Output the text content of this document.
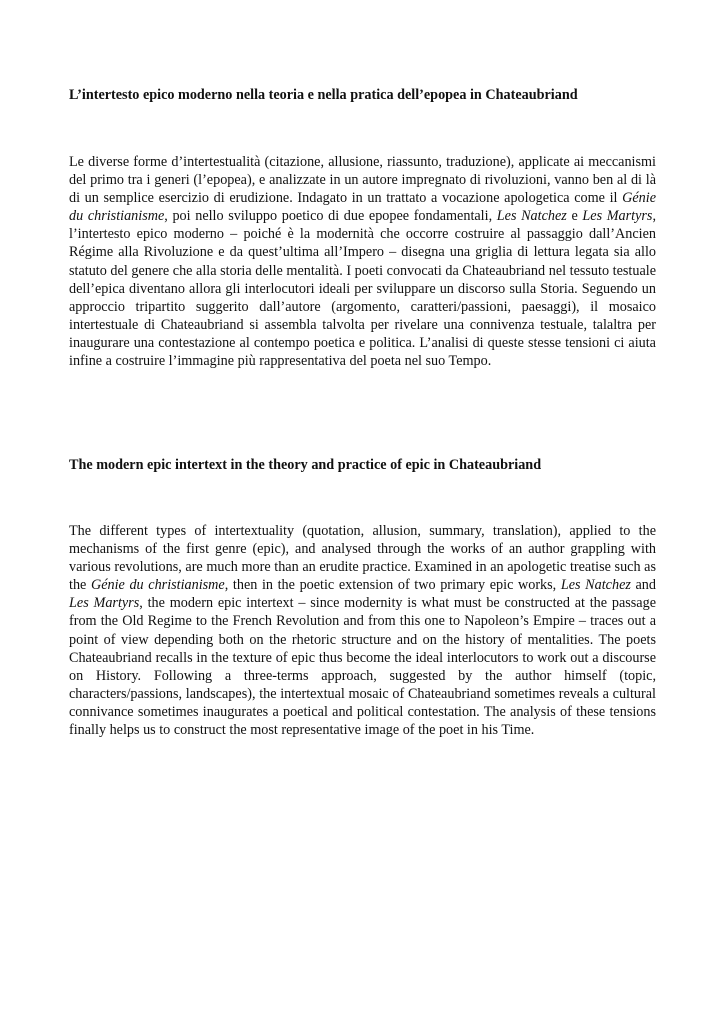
L’intertesto epico moderno nella teoria e nella pratica dell’epopea in Chateaubriand

Le diverse forme d’intertestualità (citazione, allusione, riassunto, traduzione), applicate ai meccanismi del primo tra i generi (l’epopea), e analizzate in un autore impregnato di rivoluzioni, vanno ben al di là di un semplice esercizio di erudizione. Indagato in un trattato a vocazione apologetica come il Génie du christianisme, poi nello sviluppo poetico di due epopee fondamentali, Les Natchez e Les Martyrs, l’intertesto epico moderno – poiché è la modernità che occorre costruire al passaggio dall’Ancien Régime alla Rivoluzione e da quest’ultima all’Impero – disegna una griglia di lettura legata sia allo statuto del genere che alla storia delle mentalità. I poeti convocati da Chateaubriand nel tessuto testuale dell’epica diventano allora gli interlocutori ideali per sviluppare un discorso sulla Storia. Seguendo un approccio tripartito suggerito dall’autore (argomento, caratteri/passioni, paesaggi), il mosaico intertestuale di Chateaubriand si assembla talvolta per rivelare una connivenza testuale, talaltra per inaugurare una contestazione al contempo poetica e politica. L’analisi di queste stesse tensioni ci aiuta infine a costruire l’immagine più rappresentativa del poeta nel suo Tempo.

The modern epic intertext in the theory and practice of epic in Chateaubriand

The different types of intertextuality (quotation, allusion, summary, translation), applied to the mechanisms of the first genre (epic), and analysed through the works of an author grappling with various revolutions, are much more than an erudite practice. Examined in an apologetic treatise such as the Génie du christianisme, then in the poetic extension of two primary epic works, Les Natchez and Les Martyrs, the modern epic intertext – since modernity is what must be constructed at the passage from the Old Regime to the French Revolution and from this one to Napoleon’s Empire – traces out a point of view depending both on the rhetoric structure and on the history of mentalities. The poets Chateaubriand recalls in the texture of epic thus become the ideal interlocutors to work out a discourse on History. Following a three-terms approach, suggested by the author himself (topic, characters/passions, landscapes), the intertextual mosaic of Chateaubriand sometimes reveals a cultural connivance sometimes inaugurates a poetical and political contestation. The analysis of these tensions finally helps us to construct the most representative image of the poet in his Time.
